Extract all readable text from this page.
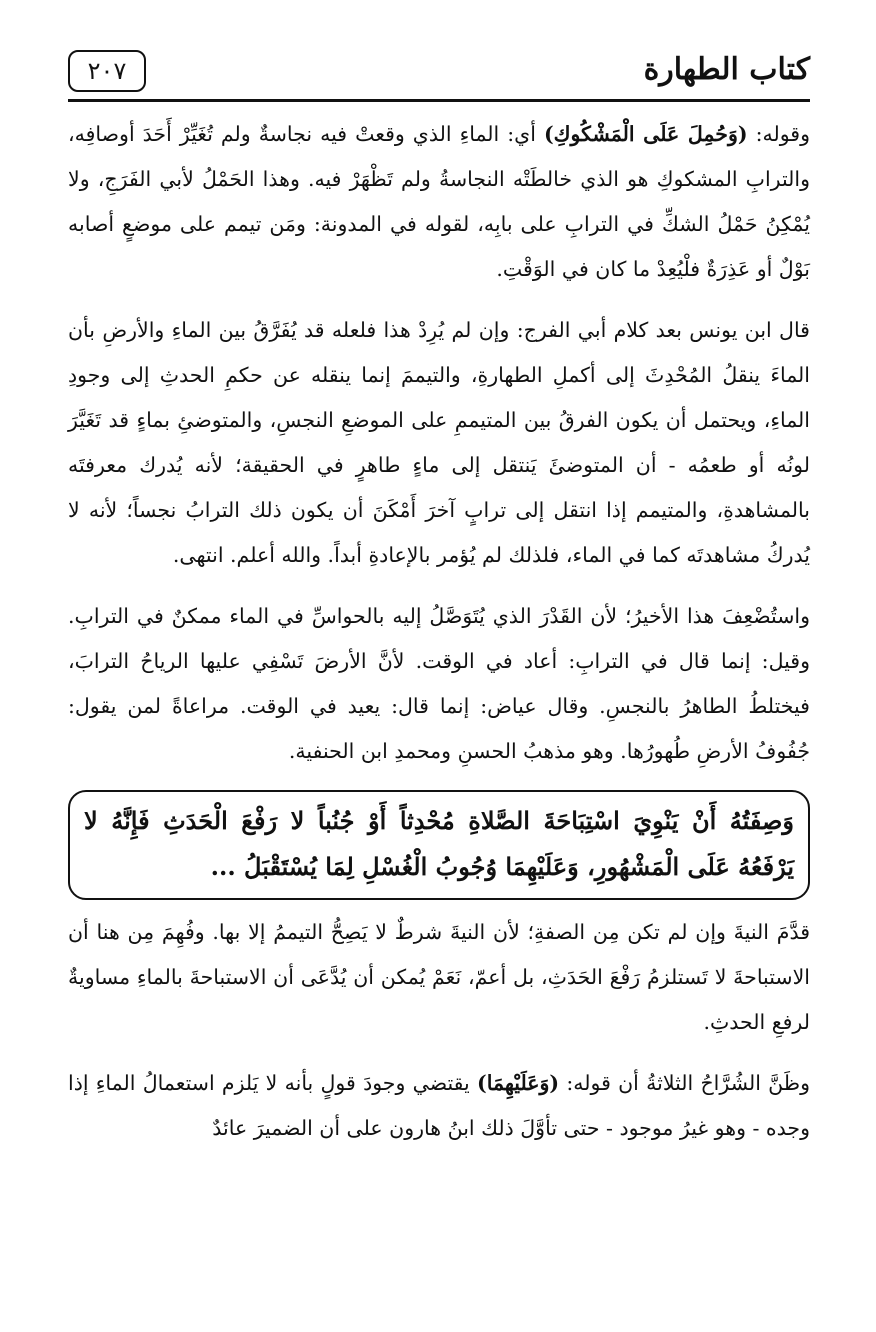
كتاب الطهارة
٢٠٧

وقوله: (وَحُمِلَ عَلَى الْمَشْكُوكِ) أي: الماءِ الذي وقعتْ فيه نجاسةٌ ولم تُغَيِّرْ أَحَدَ أوصافِه، والترابِ المشكوكِ هو الذي خالطَتْه النجاسةُ ولم تَظْهَرْ فيه. وهذا الحَمْلُ لأبي الفَرَجِ، ولا يُمْكِنُ حَمْلُ الشكِّ في الترابِ على بابِه، لقوله في المدونة: ومَن تيمم على موضعٍ أصابه بَوْلٌ أو عَذِرَةٌ فلْيُعِدْ ما كان في الوَقْتِ.

قال ابن يونس بعد كلام أبي الفرج: وإن لم يُرِدْ هذا فلعله قد يُفَرَّقُ بين الماءِ والأرضِ بأن الماءَ ينقلُ المُحْدِثَ إلى أكملِ الطهارةِ، والتيممَ إنما ينقله عن حكمِ الحدثِ إلى وجودِ الماءِ، ويحتمل أن يكون الفرقُ بين المتيممِ على الموضعِ النجسِ، والمتوضئِ بماءٍ قد تَغَيَّرَ لونُه أو طعمُه - أن المتوضئَ يَنتقل إلى ماءٍ طاهرٍ في الحقيقة؛ لأنه يُدرك معرفتَه بالمشاهدةِ، والمتيمم إذا انتقل إلى ترابٍ آخرَ أَمْكَنَ أن يكون ذلك الترابُ نجساً؛ لأنه لا يُدركُ مشاهدتَه كما في الماء، فلذلك لم يُؤمر بالإعادةِ أبداً. والله أعلم. انتهى.

واستُضْعِفَ هذا الأخيرُ؛ لأن القَدْرَ الذي يُتَوَصَّلُ إليه بالحواسِّ في الماء ممكنٌ في الترابِ. وقيل: إنما قال في الترابِ: أعاد في الوقت. لأنَّ الأرضَ تَسْفِي عليها الرياحُ الترابَ، فيختلطُ الطاهرُ بالنجسِ. وقال عياض: إنما قال: يعيد في الوقت. مراعاةً لمن يقول: جُفُوفُ الأرضِ طُهورُها. وهو مذهبُ الحسنِ ومحمدِ ابن الحنفية.

وَصِفَتُهُ أَنْ يَنْوِيَ اسْتِبَاحَةَ الصَّلاةِ مُحْدِثاً أَوْ جُنُباً لا رَفْعَ الْحَدَثِ فَإِنَّهُ لا يَرْفَعُهُ عَلَى الْمَشْهُورِ، وَعَلَيْهِمَا وُجُوبُ الْغُسْلِ لِمَا يُسْتَقْبَلُ ...

قدَّمَ النيةَ وإن لم تكن مِن الصفةِ؛ لأن النيةَ شرطٌ لا يَصِحُّ التيممُ إلا بها. وفُهِمَ مِن هنا أن الاستباحةَ لا تَستلزمُ رَفْعَ الحَدَثِ، بل أعمّ، نَعَمْ يُمكن أن يُدَّعَى أن الاستباحةَ بالماءِ مساويةٌ لرفعِ الحدثِ.

وظَنَّ الشُرَّاحُ الثلاثةُ أن قوله: (وَعَلَيْهِمَا) يقتضي وجودَ قولٍ بأنه لا يَلزم استعمالُ الماءِ إذا وجده - وهو غيرُ موجود - حتى تأوَّلَ ذلك ابنُ هارون على أن الضميرَ عائدٌ
